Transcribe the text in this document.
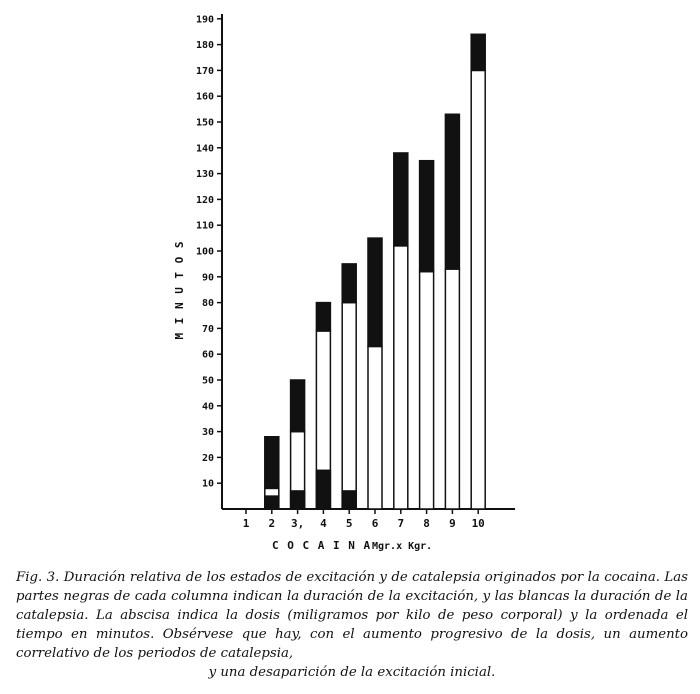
M I N U T O S
10
20
30
40
50
60
70
80
90
100
110
120
130
140
150
160
170
180
190
1 2 3, 4 5 6 7 8 9 10
C O C A I N A Mgr.x Kgr.
Fig. 3. Duración relativa de los estados de excitación y de catalepsia originados por la cocaina. Las partes negras de cada columna indican la duración de la excitación, y las blancas la duración de la catalepsia. La abscisa indica la dosis (miligramos por kilo de peso corporal) y la ordenada el tiempo en minutos. Obsérvese que hay, con el aumento progresivo de la dosis, un aumento correlativo de los periodos de catalepsia,
y una desaparición de la excitación inicial.
